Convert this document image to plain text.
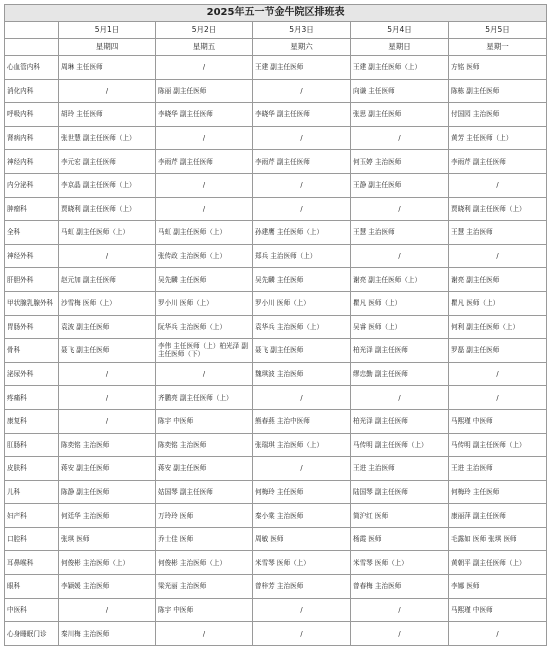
2025年五一节金牛院区排班表					
	5月1日	5月2日	5月3日	5月4日	5月5日
	星期四	星期五	星期六	星期日	星期一
心血管内科	周琳 主任医师	/	王建 副主任医师	王建 副主任医师（上）	方铭 医师
消化内科	/	陈丽 副主任医师	/	向谦 主任医师	陈栋 副主任医师
呼吸内科	胡玲 主任医师	李晓华 副主任医师	李晓华 副主任医师	张思 副主任医师	付国园 主治医师
肾病内科	张世慧 副主任医师（上）	/	/	/	黄芳 主任医师（上）
神经内科	李元宏 副主任医师	李雨芹 副主任医师	李雨芹 副主任医师	何玉婷 主治医师	李雨芹 副主任医师
内分泌科	李京晶 副主任医师（上）	/	/	王静 副主任医师	/
肿瘤科	贾晓利 副主任医师（上）	/	/	/	贾晓利 副主任医师（上）
全科	马虹 副主任医师（上）	马虹 副主任医师（上）	孙建鹰 主任医师（上）	王慧 主治医师	王慧 主治医师
神经外科	/	张传政 主治医师（上）	郑兵 主治医师（上）	/	/
肝胆外科	赵元加 副主任医师	吴先麟 主任医师	吴先麟 主任医师	谢亮 副主任医师（上）	谢亮 副主任医师
甲状腺乳腺外科	沙雪梅 医师（上）	罗小川 医师（上）	罗小川 医师（上）	瞿凡 医师（上）	瞿凡 医师（上）
胃肠外科	袁波 副主任医师	阮华兵 主治医师（上）	袁华兵 主治医师（上）	吴睿 医师（上）	何利 副主任医师（上）
骨科	聂飞 副主任医师	李伟 主任医师（上）柏光泽 副主任医师（下）	聂飞 副主任医师	柏光泽 副主任医师	罗磊 副主任医师
泌尿外科	/	/	魏琪波 主治医师	缪忠勤 副主任医师	/
疼痛科	/	齐鹏亮 副主任医师（上）	/	/	/
康复科	/	陈宇 中医师	熊春燕 主治中医师	柏光泽 副主任医师	马熙瑾 中医师
肛肠科	陈奕铭 主治医师	陈奕铭 主治医师	张瑞琪 主治医师（上）	马传明 副主任医师（上）	马传明 副主任医师（上）
皮肤科	蒋安 副主任医师	蒋安 副主任医师	/	王进 主治医师	王进 主治医师
儿科	陈静 副主任医师	姑国琴 副主任医师	何梅玲 主任医师	陆国琴 副主任医师	何梅玲 主任医师
妇产科	何廷华 主治医师	万玲玲 医师	秦小棠 主治医师	简沪红 医师	康丽萍 副主任医师
口腔科	张琪 医师	乔士佳 医师	周敏 医师	杨霞 医师	毛露如 医师 张琪 医师
耳鼻喉科	何俊彬 主治医师（上）	何俊彬 主治医师（上）	米雪琴 医师（上）	米雪琴 医师（上）	黄朝平 副主任医师（上）
眼科	李颖媛 主治医师	梁光丽 主治医师	曾梓芳 主治医师	曾春梅 主治医师	李娜 医师
中医科	/	陈宇 中医师	/	/	马熙瑾 中医师
心身睡眠门诊	秦川梅 主治医师	/	/	/	/
